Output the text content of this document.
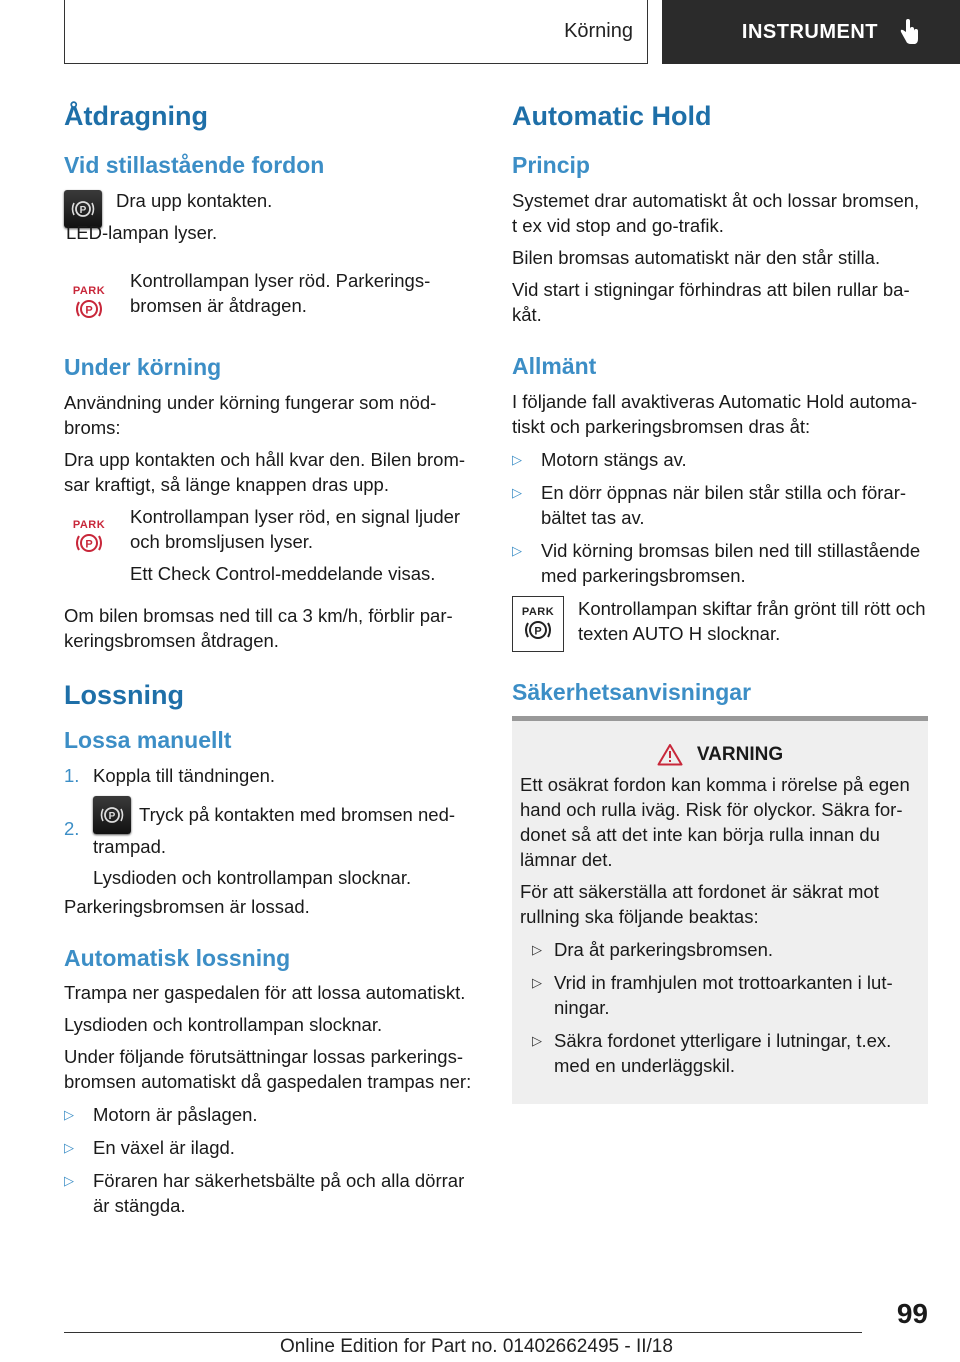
Körning	INSTRUMENT
Åtdragning
Vid stillastående fordon
P Dra upp kontakten.

LED-lampan lyser.

PARK
P

Kontrollampan lyser röd. Parkeringsbromsen är åtdragen.

Under körning

Användning under körning fungerar som nödbroms:

Dra upp kontakten och håll kvar den. Bilen bromsar kraftigt, så länge knappen dras upp.

PARK
P

Kontrollampan lyser röd, en signal ljuder och bromsljusen lyser.

Ett Check Control-meddelande visas.

Om bilen bromsas ned till ca 3 km/h, förblir parkeringsbromsen åtdragen.

Lossning
Lossa manuellt
1. Koppla till tändningen.
2.
P Tryck på kontakten med bromsen nedtrampad.

Lysdioden och kontrollampan slocknar.

Parkeringsbromsen är lossad.

Automatisk lossning

Trampa ner gaspedalen för att lossa automatiskt.

Lysdioden och kontrollampan slocknar.

Under följande förutsättningar lossas parkeringsbromsen automatiskt då gaspedalen trampas ner:

▷ Motorn är påslagen.
▷ En växel är ilagd.
▷ Föraren har säkerhetsbälte på och alla dörrar är stängda.
Automatic Hold
Princip

Systemet drar automatiskt åt och lossar bromsen, t ex vid stop and go-trafik.

Bilen bromsas automatiskt när den står stilla.

Vid start i stigningar förhindras att bilen rullar bakåt.

Allmänt

I följande fall avaktiveras Automatic Hold automatiskt och parkeringsbromsen dras åt:

▷ Motorn stängs av.
▷ En dörr öppnas när bilen står stilla och förarbältet tas av.
▷ Vid körning bromsas bilen ned till stillastående med parkeringsbromsen.
PARK
P

Kontrollampan skiftar från grönt till rött och texten AUTO H slocknar.

Säkerhetsanvisningar
VARNING

Ett osäkrat fordon kan komma i rörelse på egen hand och rulla iväg. Risk för olyckor. Säkra fordonet så att det inte kan börja rulla innan du lämnar det.

För att säkerställa att fordonet är säkrat mot rullning ska följande beaktas:

▷ Dra åt parkeringsbromsen.
▷ Vrid in framhjulen mot trottoarkanten i lutningar.
▷ Säkra fordonet ytterligare i lutningar, t.ex. med en underläggskil.
99
Online Edition for Part no. 01402662495 - II/18
